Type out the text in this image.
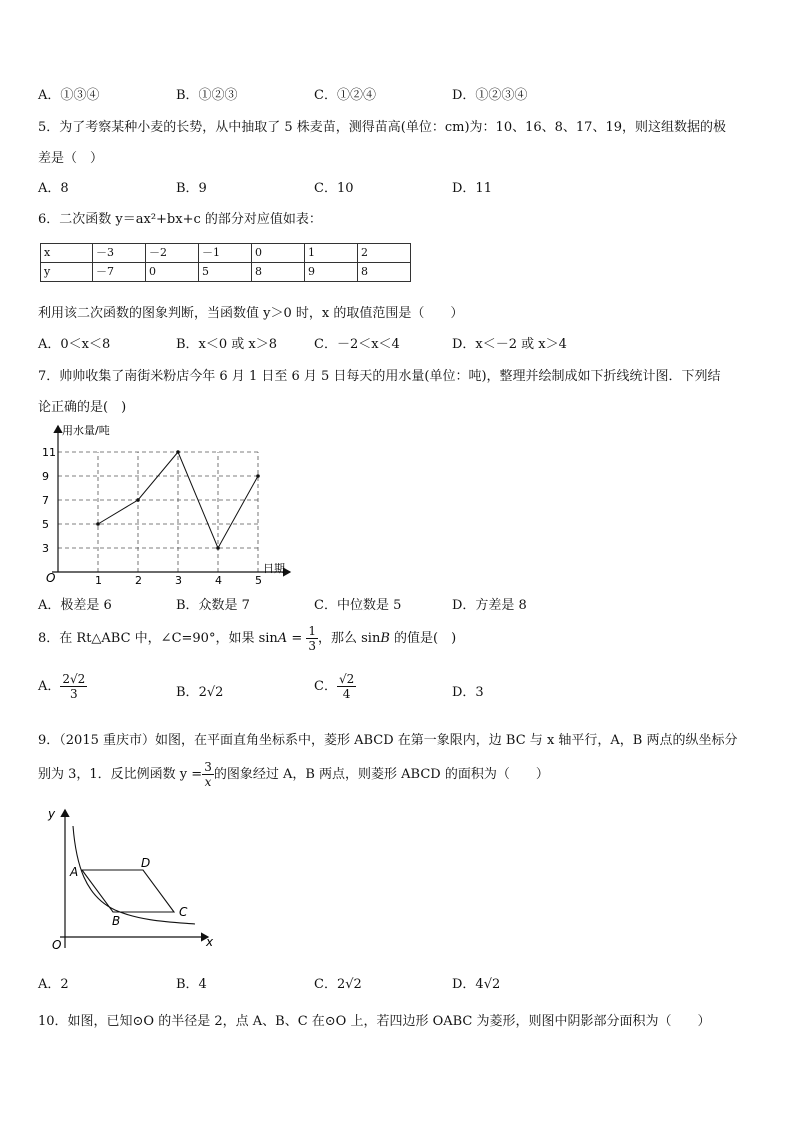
A．①③④	B．①②③	C．①②④	D．①②③④
5．为了考察某种小麦的长势，从中抽取了 5 株麦苗，测得苗高(单位：cm)为：10、16、8、17、19，则这组数据的极
差是（　）
A．8	B．9	C．10	D．11
6．二次函数 y＝ax²+bx+c 的部分对应值如表：
x	－3	－2	－1	0	1	2
y	－7	0	5	8	9	8
利用该二次函数的图象判断，当函数值 y＞0 时，x 的取值范围是（　　）
A．0＜x＜8	B．x＜0 或 x＞8	C．－2＜x＜4	D．x＜－2 或 x＞4
7．帅帅收集了南街米粉店今年 6 月 1 日至 6 月 5 日每天的用水量(单位：吨)，整理并绘制成如下折线统计图．下列结
论正确的是(　)
用水量/吨
日期
O
3
5
7
9
11
1	2	3	4	5
A．极差是 6	B．众数是 7	C．中位数是 5	D．方差是 8
8．在 Rt△ABC 中，∠C=90°，如果 $\sin A = \frac{1}{3}$ ，那么 sinB 的值是(　)
A． $\frac{2√2}{3}$	B．2√2	C． $\frac{√2}{4}$	D．3
9．（2015 重庆市）如图，在平面直角坐标系中，菱形 ABCD 在第一象限内，边 BC 与 x 轴平行，A，B 两点的纵坐标分
别为 3，1．反比例函数 $y = \frac{3}{x}$ 的图象经过 A，B 两点，则菱形 ABCD 的面积为（　　）
y
x
O
A
B
C
D
A．2	B．4	C．2√2	D．4√2
10．如图，已知⊙O 的半径是 2，点 A、B、C 在⊙O 上，若四边形 OABC 为菱形，则图中阴影部分面积为（　　）
